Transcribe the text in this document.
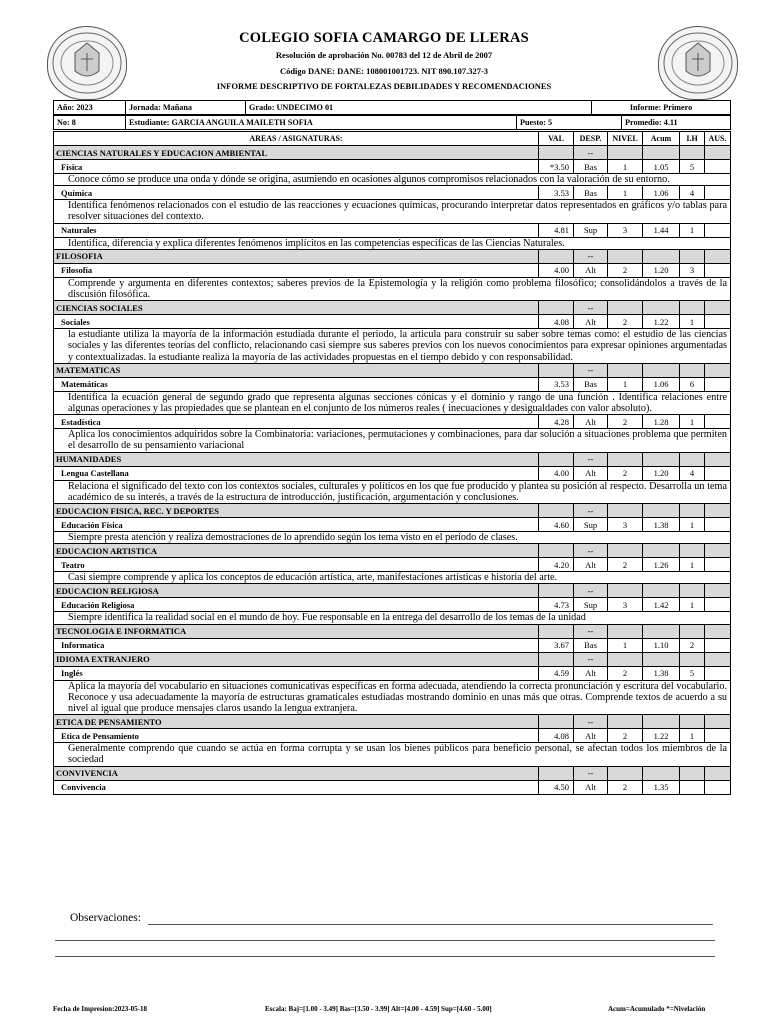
COLEGIO SOFIA CAMARGO DE LLERAS
Resolución de aprobación No. 00783 del 12 de Abril de 2007
Código DANE: DANE: 108001001723. NIT 890.107.327-3
INFORME DESCRIPTIVO DE FORTALEZAS DEBILIDADES Y RECOMENDACIONES
Año: 2023	Jornada: Mañana	Grado: UNDECIMO 01	Informe: Primero
No: 8	Estudiante: GARCIA ANGUILA MAILETH SOFIA	Puesto: 5	Promedio: 4.11
AREAS / ASIGNATURAS:	VAL	DESP.	NIVEL	Acum	I.H	AUS.
CIENCIAS NATURALES Y EDUCACION AMBIENTAL		--				
Física	*3.50	Bas	1	1.05	5	
Conoce cómo se produce una onda y dónde se origina, asumiendo en ocasiones algunos compromisos relacionados con la valoración de su entorno.						
Química	3.53	Bas	1	1.06	4	
Identifica fenómenos relacionados con el estudio de las reacciones y ecuaciones químicas, procurando interpretar datos representados en gráficos y/o tablas para resolver situaciones del contexto.						
Naturales	4.81	Sup	3	1.44	1	
Identifica, diferencia y explica diferentes fenómenos implícitos en las competencias específicas de las Ciencias Naturales.						
FILOSOFIA		--				
Filosofía	4.00	Alt	2	1.20	3	
Comprende y argumenta en diferentes contextos; saberes previos de la Epistemología y la religión como problema filosófico; consolidándolos a través de la discusión filosófica.						
CIENCIAS SOCIALES		--				
Sociales	4.08	Alt	2	1.22	1	
la estudiante utiliza la mayoría de la información estudiada durante el periodo, la articula para construir su saber sobre temas como: el estudio de las ciencias sociales y las diferentes teorías del conflicto, relacionando casi siempre sus saberes previos con los nuevos conocimientos para expresar opiniones argumentadas y contextualizadas. la estudiante realiza la mayoría de las actividades propuestas en el tiempo debido y con responsabilidad.						
MATEMATICAS		--				
Matemáticas	3.53	Bas	1	1.06	6	
Identifica la ecuación general de segundo grado que representa algunas secciones cónicas y el dominio y rango de una función . Identifica relaciones entre algunas operaciones y las propiedades que se plantean en el conjunto de los números reales ( inecuaciones y desigualdades con valor absoluto).						
Estadística	4.28	Alt	2	1.28	1	
Aplica los conocimientos adquiridos sobre la Combinatoria: variaciones, permutaciones y combinaciones, para dar solución a situaciones problema que permiten el desarrollo de su pensamiento variacional						
HUMANIDADES		--				
Lengua Castellana	4.00	Alt	2	1.20	4	
Relaciona el significado del texto con los contextos sociales, culturales y políticos en los que fue producido y plantea su posición al respecto. Desarrolla un tema académico de su interés, a través de la estructura de introducción, justificación, argumentación y conclusiones.						
EDUCACION FISICA, REC. Y DEPORTES		--				
Educación Física	4.60	Sup	3	1.38	1	
Siempre presta atención y realiza demostraciones de lo aprendido según los tema visto en el periodo de clases.						
EDUCACION ARTISTICA		--				
Teatro	4.20	Alt	2	1.26	1	
Casi siempre comprende y aplica los conceptos de educación artística, arte, manifestaciones artísticas e historia del arte.						
EDUCACION RELIGIOSA		--				
Educación Religiosa	4.73	Sup	3	1.42	1	
Siempre identifica la realidad social en el mundo de hoy. Fue responsable en la entrega del desarrollo de los temas de la unidad						
TECNOLOGIA E INFORMATICA		--				
Informatica	3.67	Bas	1	1.10	2	
IDIOMA EXTRANJERO		--				
Inglés	4.59	Alt	2	1.38	5	
Aplica la mayoría del vocabulario en situaciones comunicativas específicas en forma adecuada, atendiendo la correcta pronunciación y escritura del vocabulario. Reconoce y usa adecuadamente la mayoría de estructuras gramaticales estudiadas mostrando dominio en unas más que otras. Comprende textos de acuerdo a su nivel al igual que produce mensajes claros usando la lengua extranjera.						
ETICA DE PENSAMIENTO		--				
Etica de Pensamiento	4.08	Alt	2	1.22	1	
Generalmente comprendo que cuando se actúa en forma corrupta y se usan los bienes públicos para beneficio personal, se afectan todos los miembros de la sociedad						
CONVIVENCIA		--				
Convivencia	4.50	Alt	2	1.35		
Observaciones:
Fecha de Impresion:2023-05-18	Escala: Baj=[1.00 - 3.49] Bas=[3.50 - 3.99] Alt=[4.00 - 4.59] Sup=[4.60 - 5.00]	Acum=Acumulado *=Nivelación
